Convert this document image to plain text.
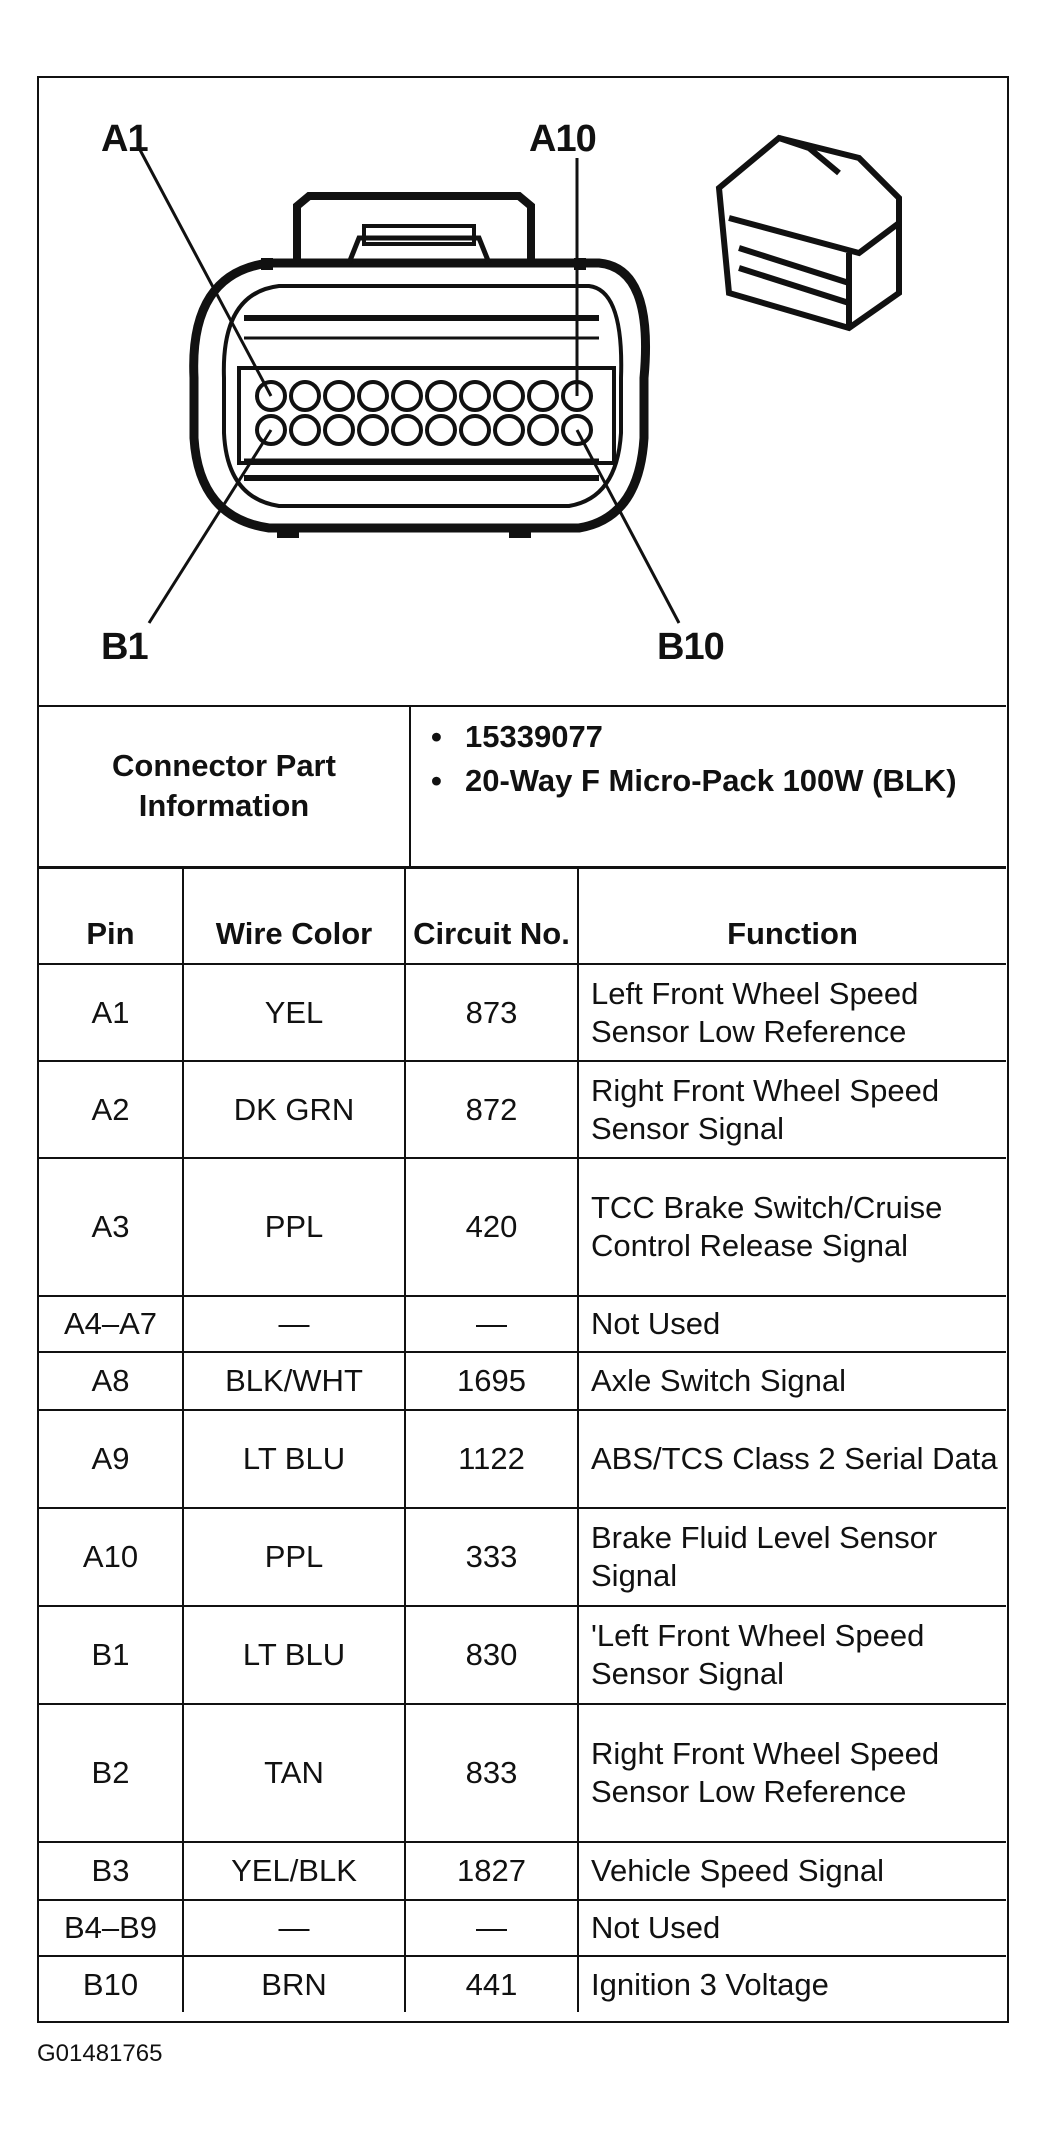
A1	A10
B1	B10
Connector Part Information
• 15339077
• 20-Way F Micro-Pack 100W (BLK)
Pin	Wire Color	Circuit No.	Function
A1	YEL	873	Left Front Wheel Speed Sensor Low Reference
A2	DK GRN	872	Right Front Wheel Speed Sensor Signal
A3	PPL	420	TCC Brake Switch/Cruise Control Release Signal
A4–A7	—	—	Not Used
A8	BLK/WHT	1695	Axle Switch Signal
A9	LT BLU	1122	ABS/TCS Class 2 Serial Data
A10	PPL	333	Brake Fluid Level Sensor Signal
B1	LT BLU	830	'Left Front Wheel Speed Sensor Signal
B2	TAN	833	Right Front Wheel Speed Sensor Low Reference
B3	YEL/BLK	1827	Vehicle Speed Signal
B4–B9	—	—	Not Used
B10	BRN	441	Ignition 3 Voltage
G01481765
